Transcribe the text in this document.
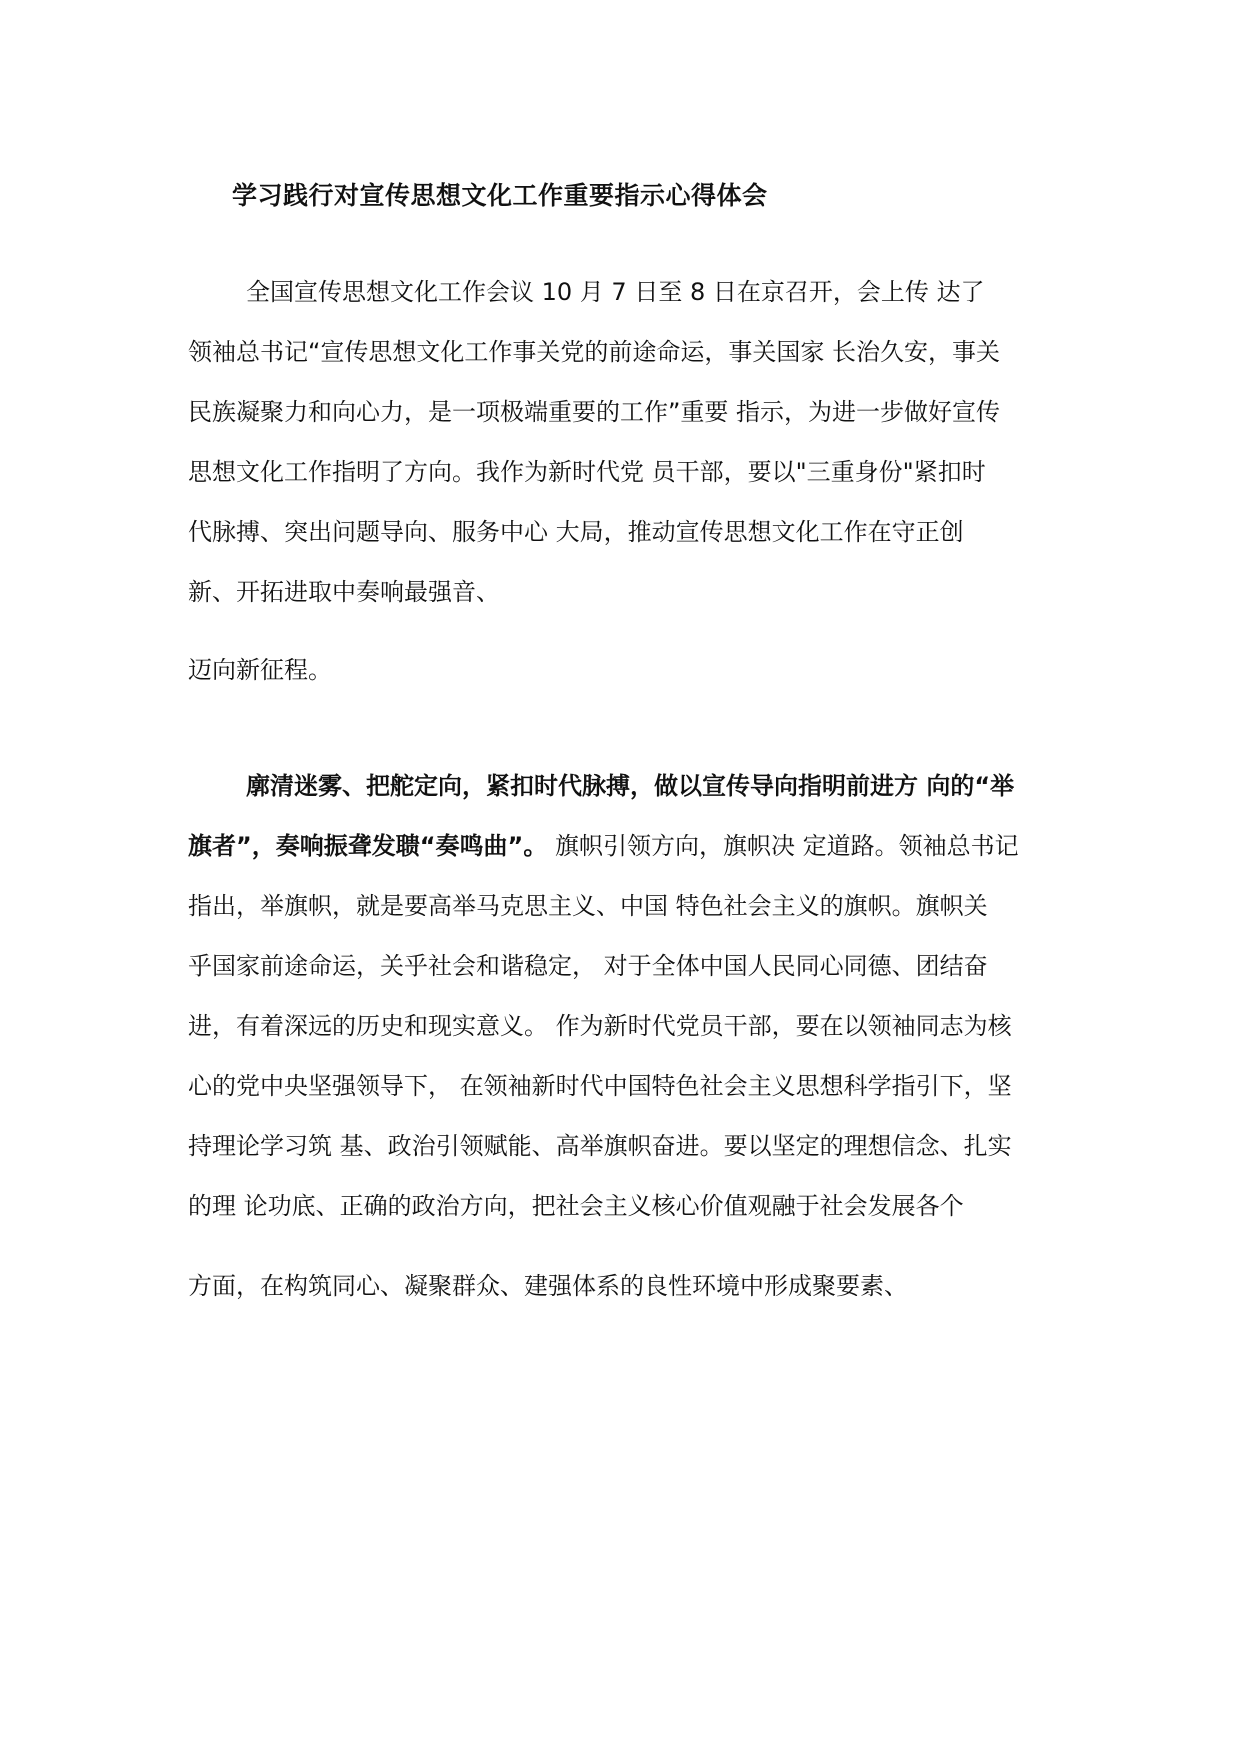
学习践行对宣传思想文化工作重要指示心得体会
全国宣传思想文化工作会议 10 月 7 日至 8 日在京召开，会上传 达了
领袖总书记“宣传思想文化工作事关党的前途命运，事关国家 长治久安，事关
民族凝聚力和向心力，是一项极端重要的工作”重要 指示，为进一步做好宣传
思想文化工作指明了方向。我作为新时代党 员干部，要以"三重身份"紧扣时
代脉搏、突出问题导向、服务中心 大局，推动宣传思想文化工作在守正创
新、开拓进取中奏响最强音、
迈向新征程。
廓清迷雾、把舵定向，紧扣时代脉搏，做以宣传导向指明前进方 向的“举
旗者”，奏响振聋发聩“奏鸣曲”。 旗帜引领方向，旗帜决 定道路。领袖总书记
指出，举旗帜，就是要高举马克思主义、中国 特色社会主义的旗帜。旗帜关
乎国家前途命运，关乎社会和谐稳定， 对于全体中国人民同心同德、团结奋
进，有着深远的历史和现实意义。 作为新时代党员干部，要在以领袖同志为核
心的党中央坚强领导下， 在领袖新时代中国特色社会主义思想科学指引下，坚
持理论学习筑 基、政治引领赋能、高举旗帜奋进。要以坚定的理想信念、扎实
的理 论功底、正确的政治方向，把社会主义核心价值观融于社会发展各个
方面，在构筑同心、凝聚群众、建强体系的良性环境中形成聚要素、
